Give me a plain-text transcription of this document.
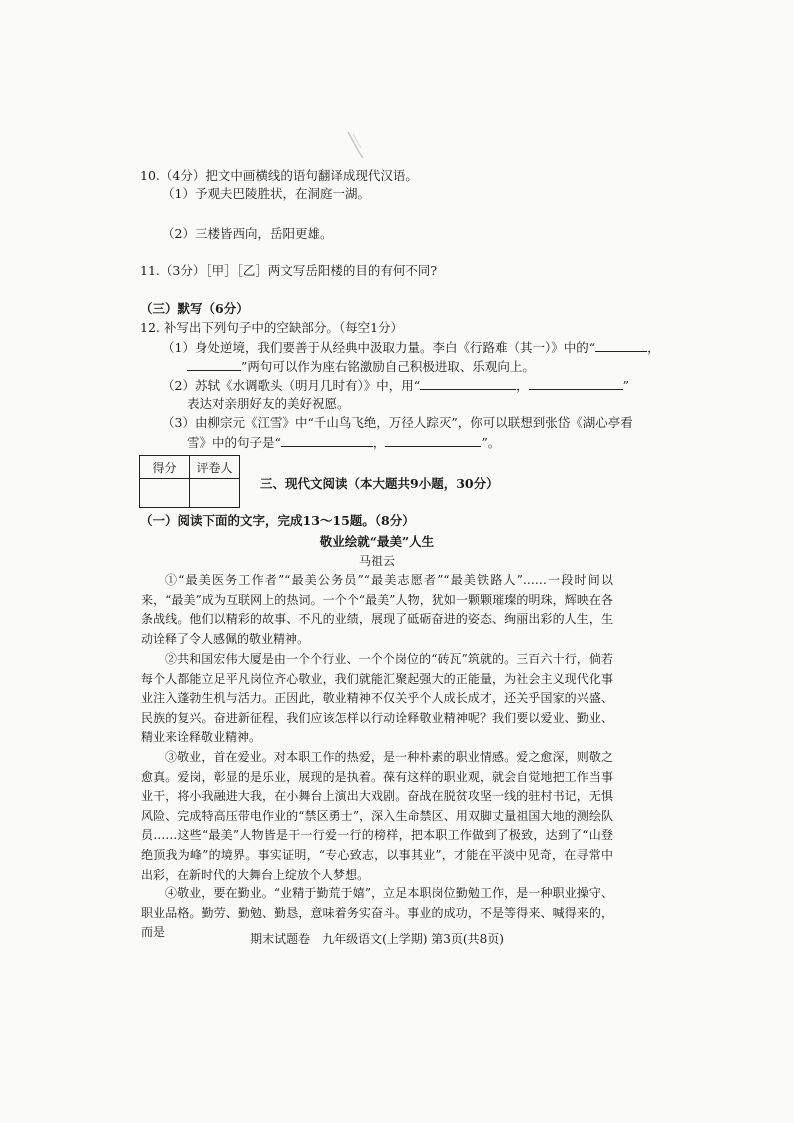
10.（4分）把文中画横线的语句翻译成现代汉语。
（1）予观夫巴陵胜状，在洞庭一湖。
（2）三楼皆西向，岳阳更雄。
11.（3分）［甲］［乙］两文写岳阳楼的目的有何不同?
（三）默写（6分）
12. 补写出下列句子中的空缺部分。（每空1分）
（1）身处逆境，我们要善于从经典中汲取力量。李白《行路难（其一）》中的“	，
”两句可以作为座右铭激励自己积极进取、乐观向上。
（2）苏轼《水调歌头（明月几时有）》中，用“	，	”
表达对亲朋好友的美好祝愿。
（3）由柳宗元《江雪》中“千山鸟飞绝，万径人踪灭”，你可以联想到张岱《湖心亭看
雪》中的句子是“	，	”。
得分	评卷人

三、现代文阅读（本大题共9小题，30分）
（一）阅读下面的文字，完成13～15题。（8分）
敬业绘就“最美”人生
马祖云
①“最美医务工作者”“最美公务员”“最美志愿者”“最美铁路人”……一段时间以来，“最美”成为互联网上的热词。一个个“最美”人物，犹如一颗颗璀璨的明珠，辉映在各条战线。他们以精彩的故事、不凡的业绩，展现了砥砺奋进的姿态、绚丽出彩的人生，生动诠释了令人感佩的敬业精神。
②共和国宏伟大厦是由一个个行业、一个个岗位的“砖瓦”筑就的。三百六十行，倘若每个人都能立足平凡岗位齐心敬业，我们就能汇聚起强大的正能量，为社会主义现代化事业注入蓬勃生机与活力。正因此，敬业精神不仅关乎个人成长成才，还关乎国家的兴盛、民族的复兴。奋进新征程，我们应该怎样以行动诠释敬业精神呢？我们要以爱业、勤业、精业来诠释敬业精神。
③敬业，首在爱业。对本职工作的热爱，是一种朴素的职业情感。爱之愈深，则敬之愈真。爱岗，彰显的是乐业，展现的是执着。葆有这样的职业观，就会自觉地把工作当事业干，将小我融进大我，在小舞台上演出大戏剧。奋战在脱贫攻坚一线的驻村书记，无惧风险、完成特高压带电作业的“禁区勇士”，深入生命禁区、用双脚丈量祖国大地的测绘队员……这些“最美”人物皆是干一行爱一行的榜样，把本职工作做到了极致，达到了“山登绝顶我为峰”的境界。事实证明，“专心致志，以事其业”，才能在平淡中见奇，在寻常中出彩，在新时代的大舞台上绽放个人梦想。
④敬业，要在勤业。“业精于勤荒于嬉”，立足本职岗位勤勉工作，是一种职业操守、职业品格。勤劳、勤勉、勤恳，意味着务实奋斗。事业的成功，不是等得来、喊得来的，而是	期末试题卷　九年级语文(上学期) 第3页(共8页)
